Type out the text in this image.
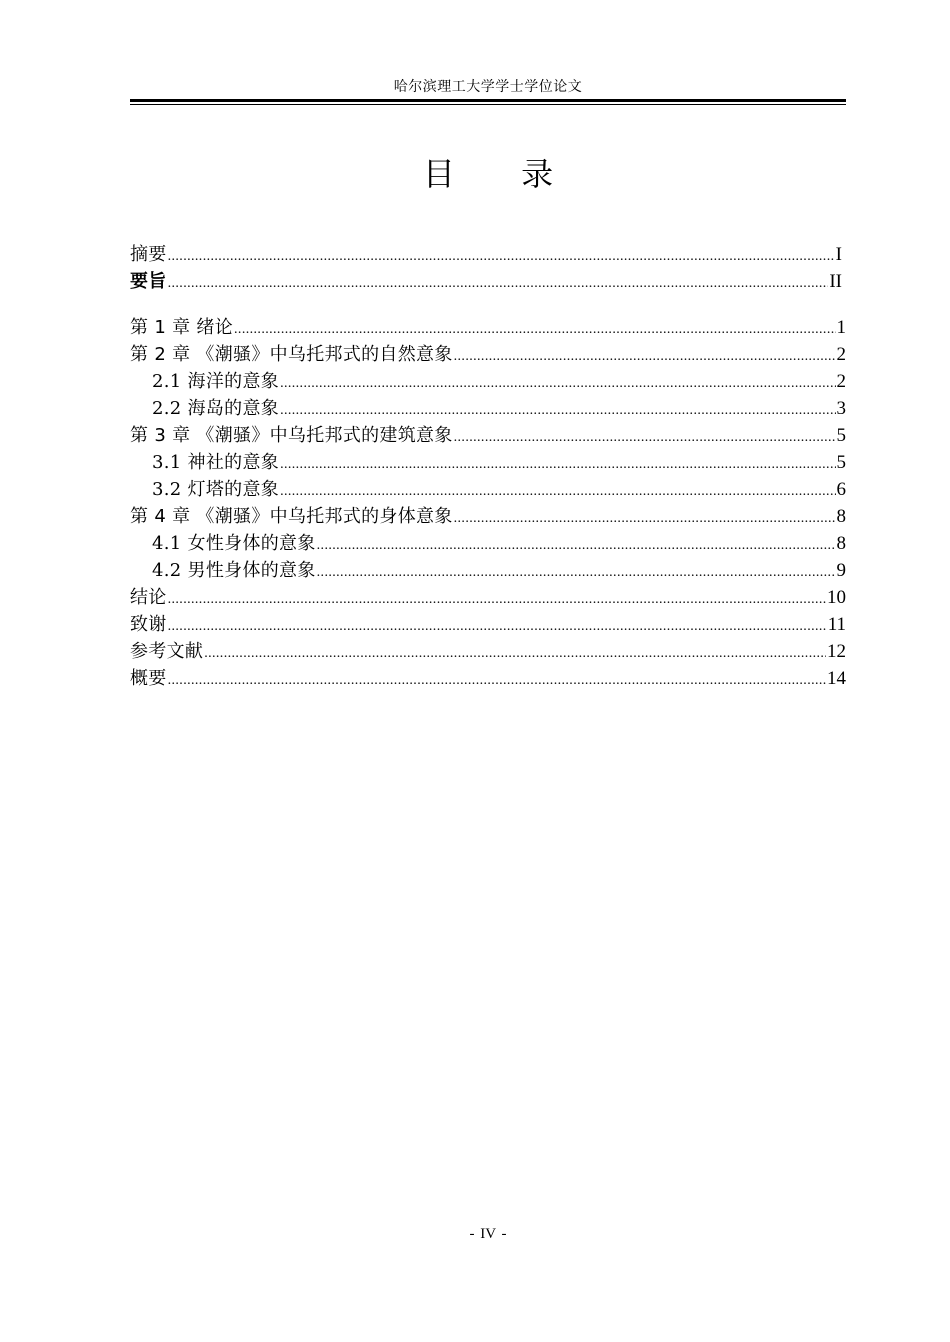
哈尔滨理工大学学士学位论文
目 录
摘要 .....	I
要旨 .....	II
第 1 章 绪论 .....	1
第 2 章 《潮骚》中乌托邦式的自然意象 .....	2
2.1 海洋的意象 .....	2
2.2 海岛的意象 .....	3
第 3 章 《潮骚》中乌托邦式的建筑意象 .....	5
3.1 神社的意象 .....	5
3.2 灯塔的意象 .....	6
第 4 章 《潮骚》中乌托邦式的身体意象 .....	8
4.1 女性身体的意象 .....	8
4.2 男性身体的意象 .....	9
结论 .....	10
致谢 .....	11
参考文献 .....	12
概要 .....	14
- IV -
